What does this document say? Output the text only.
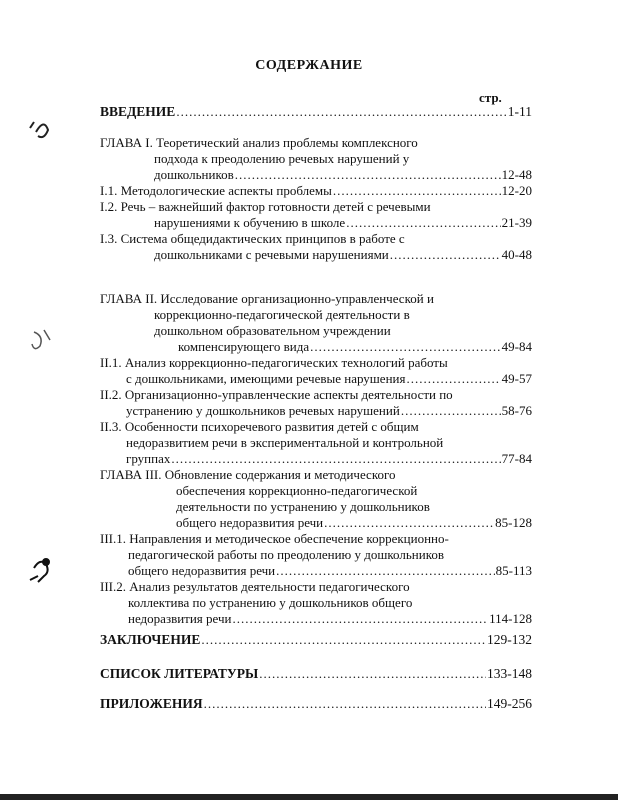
СОДЕРЖАНИЕ
стр.
ВВЕДЕНИЕ .....	1-11
ГЛАВА I. Теоретический анализ проблемы комплексного
подхода к преодолению речевых нарушений у
дошкольников .....	12-48
I.1. Методологические аспекты проблемы .....	12-20
I.2. Речь – важнейший фактор готовности детей с речевыми
нарушениями к обучению в школе .....	21-39
I.3. Система общедидактических принципов в работе с
дошкольниками с речевыми нарушениями .....	40-48
ГЛАВА II. Исследование организационно-управленческой и
коррекционно-педагогической деятельности в
дошкольном образовательном учреждении
компенсирующего вида .....	49-84
II.1. Анализ коррекционно-педагогических технологий работы
с дошкольниками, имеющими речевые нарушения .....	49-57
II.2. Организационно-управленческие аспекты деятельности по
устранению у дошкольников речевых нарушений .....	58-76
II.3. Особенности психоречевого развития детей с общим
недоразвитием речи в экспериментальной и контрольной
группах .....	77-84
ГЛАВА III. Обновление содержания и методического
обеспечения коррекционно-педагогической
деятельности по устранению у дошкольников
общего недоразвития речи .....	85-128
III.1. Направления и методическое обеспечение коррекционно-
педагогической работы по преодолению у дошкольников
общего недоразвития речи .....	85-113
III.2. Анализ результатов деятельности педагогического
коллектива по устранению у дошкольников общего
недоразвития речи .....	114-128
ЗАКЛЮЧЕНИЕ .....	129-132
СПИСОК ЛИТЕРАТУРЫ .....	133-148
ПРИЛОЖЕНИЯ .....	149-256
